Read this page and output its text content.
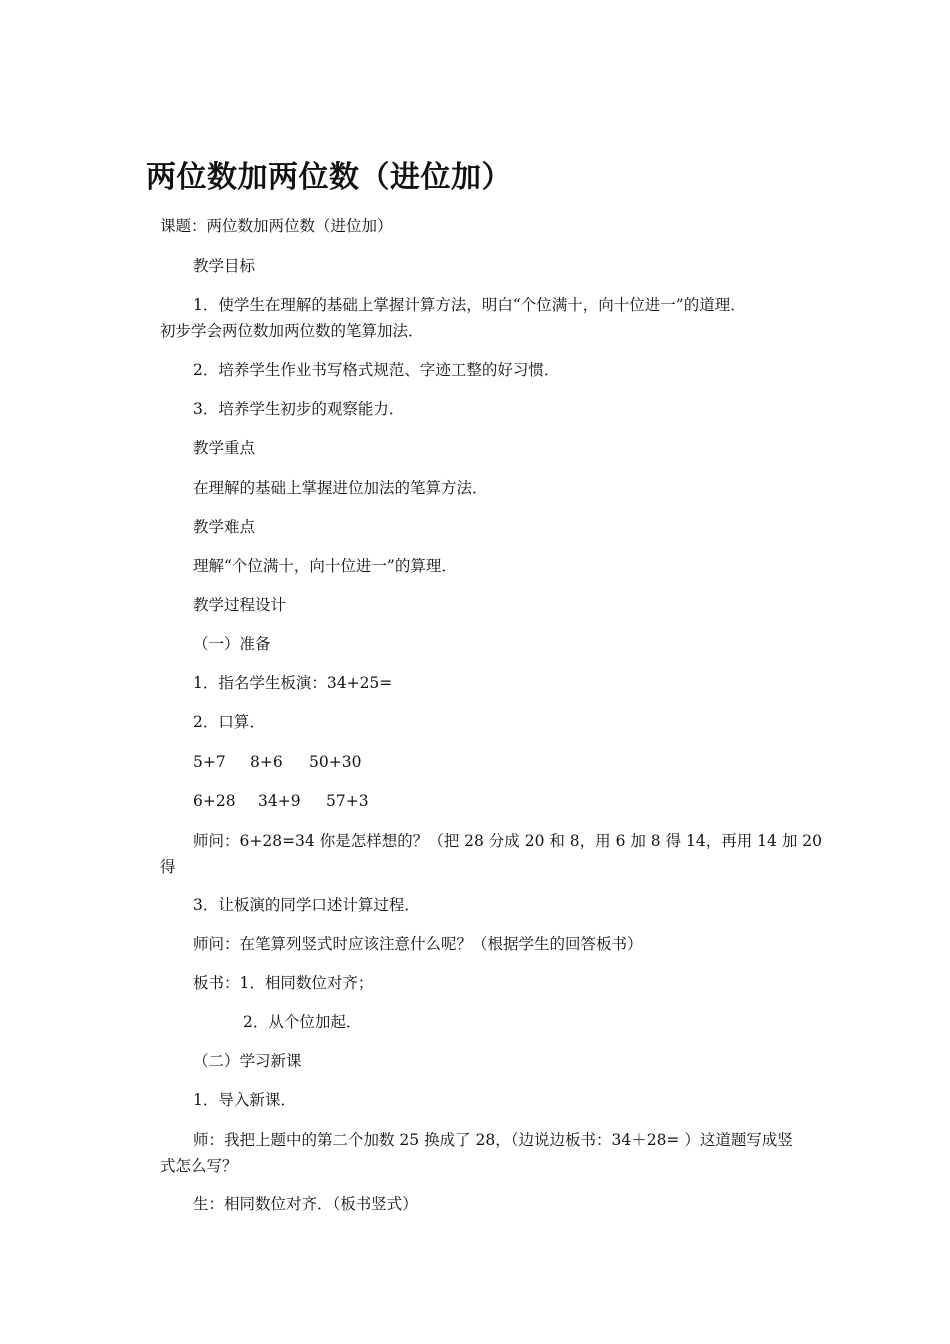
两位数加两位数（进位加）
课题：两位数加两位数（进位加）
教学目标
1．使学生在理解的基础上掌握计算方法，明白“个位满十，向十位进一”的道理．
初步学会两位数加两位数的笔算加法．
2．培养学生作业书写格式规范、字迹工整的好习惯．
3．培养学生初步的观察能力．
教学重点
在理解的基础上掌握进位加法的笔算方法．
教学难点
理解“个位满十，向十位进一”的算理．
教学过程设计
（一）准备
1．指名学生板演：34+25=
2．口算．
5+7 8+6 50+30
6+28 34+9 57+3
师问：6+28=34 你是怎样想的？（把 28 分成 20 和 8，用 6 加 8 得 14，再用 14 加 20
得
3．让板演的同学口述计算过程．
师问：在笔算列竖式时应该注意什么呢？（根据学生的回答板书）
板书：1．相同数位对齐；
2．从个位加起．
（二）学习新课
1．导入新课．
师：我把上题中的第二个加数 25 换成了 28，（边说边板书：34＋28= ）这道题写成竖
式怎么写？
生：相同数位对齐．（板书竖式）
